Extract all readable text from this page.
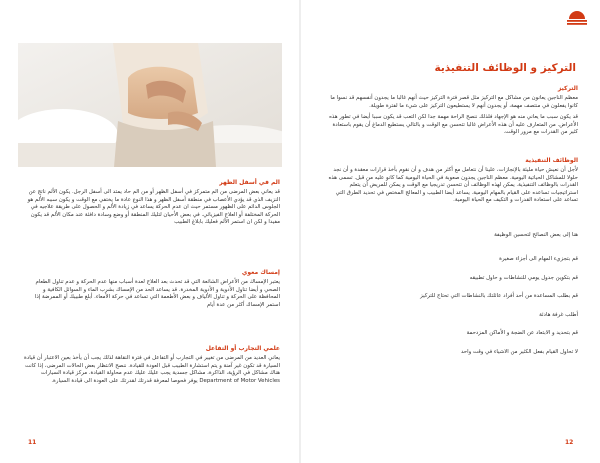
الم في أسفل الظهر

قد يعاني بعض المرضى من الم متمركز في أسفل الظهر أو من الم حاد يمتد الى أسفل الرجل. يكون الألم ناتج عن النزيف الذي قد يؤدي الأعصاب في منطقة أسفل الظهر و هذا النوع عادة ما يختفي مع الوقت و يكون سببه الألم هو الجلوس الدائم على الظهور مستمر حيث ان عدم الحركة يساعد في زيادة الألم و الحصول على طريقة علاجيه في الحركة المختلفة أو العلاج الفيزيائي. في بعض الأحيان لتليك المنطقة أو وضع وسادة دافئة عند مكان الألم قد يكون مفيدا و لكن ان استمر الألم فعليك بابلاغ الطبيب

إمساك معوي

يعتبر الإمساك من الأعراض الشائعة التي قد تحدث بعد العلاج لعدة أسباب منها عدم الحركة و عدم تناول الطعام الصحي و أيضا تناول الأدوية و الأدوية المخدرة. قد يساعد الحد من الإمساك بشرب الماء و السوائل الكافية و المحافظة على الحركة و تناول الألياف و بعض الأطعمة التي تساعد في حركة الأمعاء. أبلغ طبيبك أو الممرضة إذا استمر الإمساك أكثر من عدة أيام

علمي التجارب أو التفاعل

يعاني العديد من المرضى من تغيير في التجارب أو التفاعل في فترة النقاهة لذلك يجب أن يأخذ بعين الاعتبار أن قيادة السيارة قد تكون غير آمنة و يتم استشارة الطبيب قبل العودة للقيادة. ننصح الانتظار بعض الحالات المرضى، إذا كانت هناك مشاكل في الرؤية، الذاكرة، مشاكل جسدية يجب عليك عليك عدم محاولة القيادة. مركز قيادة السيارات Department of Motor Vehicles يوفر فحوصا لمعرفة قدرتك لقدرتك على العودة الى قيادة السيارة.

11
التركيز و الوظائف التنفيذية
التركيز

معظم الناجين يعانون من مشاكل مع التركيز مثل قصر فترة التركيز حيث أنهم غالبا ما يجدون أنفسهم قد نسوا ما كانوا يفعلون في منتصف مهمة، أو يجدون أنهم لا يستطيعون التركيز على شيء ما لفترة طويلة.

قد يكون سبب ما يعاني منه هو الإجهاد فلذلك ننصح الراحة مهمة جدا لكن التعب قد يكون سببا أيضا في تطور هذه الأعراض. من المتعارف عليه أن هذه الأعراض غالبا تتحسن مع الوقت و بالتالي يستطيع الدماغ أن يقوم باستعادة كثير من القدرات مع مرور الوقت.

الوظائف التنفيذية

لأجل أن نعيش حياة مليئة بالإنجازات، علينا أن نتعامل مع أكثر من هدف و أن نقوم بأخذ قرارات معقدة و أن نجد حلولا للمشاكل الحياتية اليومية. معظم الناجين يجدون صعوبة في الحياة اليومية كما كانو عليه من قبل. تسمى هذه القدرات بالوظائف التنفيذية. يمكن لهذه الوظائف أن تتحسن تدريجيا مع الوقت و يمكن للمريض أن يتعلم استراتيجيات تساعده على القيام بالمهام اليومية. يساعد أيضا الطبيب و المعالج المختص في تحديد الطرق التي تساعد على استعادة القدرات و التكيف مع الحياة اليومية.

هنا إلى بعض النصائح لتحسين الوظيفة

قم بتجزيء المهام الى أجزاء صغيرة

قم بتكوين جدول يومي للنشاطات و حاول تطبيقه

قم بطلب المساعدة من أحد أفراد عائلتك بالنشاطات التي تحتاج للتركيز

أطلب غرفة هادئة

قم بتحديد و الابتعاد عن الضجة و الأماكن المزدحمة

لا تحاول القيام بفعل الكثير من الاشياء في وقت واحد

12
